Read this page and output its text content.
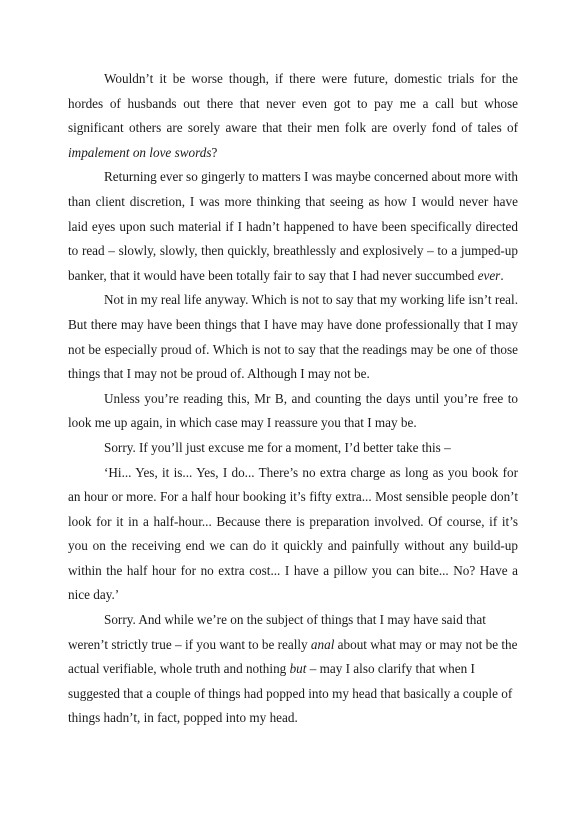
Wouldn’t it be worse though, if there were future, domestic trials for the hordes of husbands out there that never even got to pay me a call but whose significant others are sorely aware that their men folk are overly fond of tales of impalement on love swords?

Returning ever so gingerly to matters I was maybe concerned about more with than client discretion, I was more thinking that seeing as how I would never have laid eyes upon such material if I hadn’t happened to have been specifically directed to read – slowly, slowly, then quickly, breathlessly and explosively – to a jumped-up banker, that it would have been totally fair to say that I had never succumbed ever.

Not in my real life anyway. Which is not to say that my working life isn’t real. But there may have been things that I have may have done professionally that I may not be especially proud of. Which is not to say that the readings may be one of those things that I may not be proud of. Although I may not be.

Unless you’re reading this, Mr B, and counting the days until you’re free to look me up again, in which case may I reassure you that I may be.

Sorry. If you’ll just excuse me for a moment, I’d better take this –

‘Hi... Yes, it is... Yes, I do... There’s no extra charge as long as you book for an hour or more. For a half hour booking it’s fifty extra... Most sensible people don’t look for it in a half-hour... Because there is preparation involved. Of course, if it’s you on the receiving end we can do it quickly and painfully without any build-up within the half hour for no extra cost... I have a pillow you can bite... No? Have a nice day.’

Sorry. And while we’re on the subject of things that I may have said that weren’t strictly true – if you want to be really anal about what may or may not be the actual verifiable, whole truth and nothing but – may I also clarify that when I suggested that a couple of things had popped into my head that basically a couple of things hadn’t, in fact, popped into my head.
